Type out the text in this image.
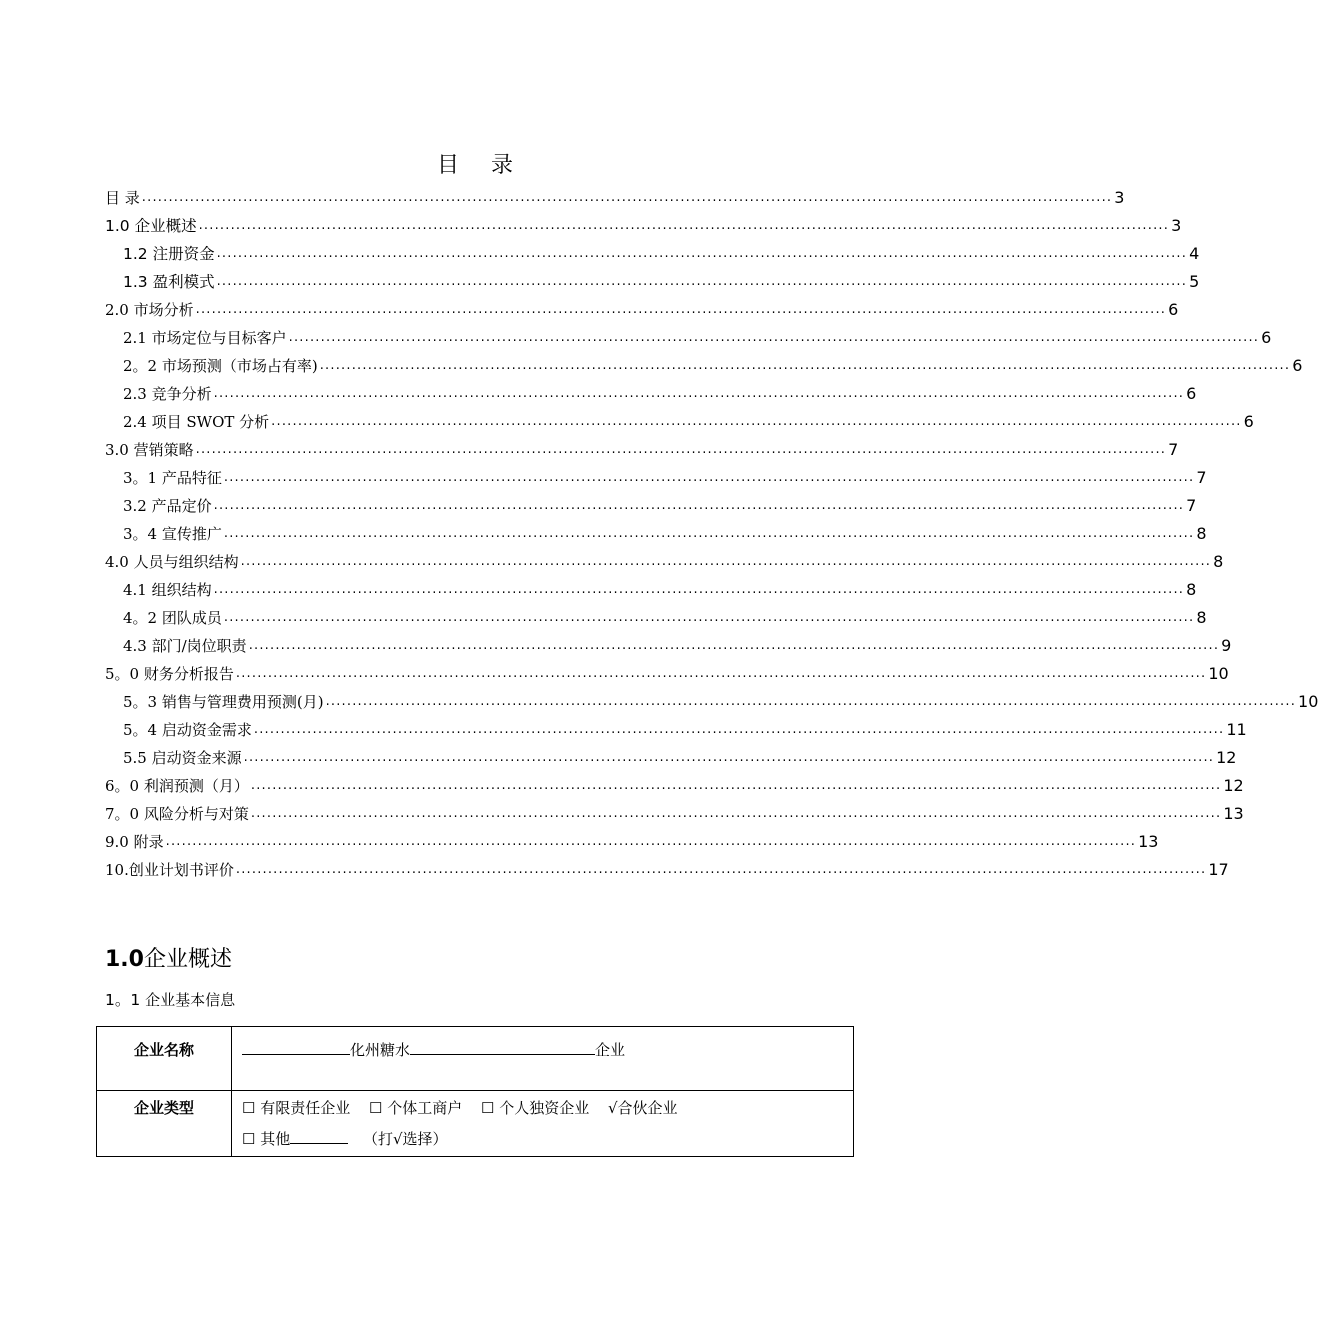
目 录
目 录 ...................................................................................................................................................................................... 3
1.0 企业概述 ...................................................................................................................................................................................... 3
1.2 注册资金 ...................................................................................................................................................................................... 4
1.3 盈利模式 ...................................................................................................................................................................................... 5
2.0 市场分析 ...................................................................................................................................................................................... 6
2.1 市场定位与目标客户 ...................................................................................................................................................................................... 6
2。2 市场预测（市场占有率) ...................................................................................................................................................................................... 6
2.3 竞争分析 ...................................................................................................................................................................................... 6
2.4 项目 SWOT 分析 ...................................................................................................................................................................................... 6
3.0 营销策略 ...................................................................................................................................................................................... 7
3。1 产品特征 ...................................................................................................................................................................................... 7
3.2 产品定价 ...................................................................................................................................................................................... 7
3。4 宣传推广 ...................................................................................................................................................................................... 8
4.0 人员与组织结构 ...................................................................................................................................................................................... 8
4.1 组织结构 ...................................................................................................................................................................................... 8
4。2 团队成员 ...................................................................................................................................................................................... 8
4.3 部门/岗位职责 ...................................................................................................................................................................................... 9
5。0 财务分析报告 ...................................................................................................................................................................................... 10
5。3 销售与管理费用预测(月) ...................................................................................................................................................................................... 10
5。4 启动资金需求 ...................................................................................................................................................................................... 11
5.5 启动资金来源 ...................................................................................................................................................................................... 12
6。0 利润预测（月） ...................................................................................................................................................................................... 12
7。0 风险分析与对策 ...................................................................................................................................................................................... 13
9.0 附录 ...................................................................................................................................................................................... 13
10.创业计划书评价 ...................................................................................................................................................................................... 17
1.0企业概述
1。1 企业基本信息
企业名称	化州糖水 企业
企业类型	☐ 有限责任企业 ☐ 个体工商户 ☐ 个人独资企业 √合伙企业
☐ 其他 （打√选择）
